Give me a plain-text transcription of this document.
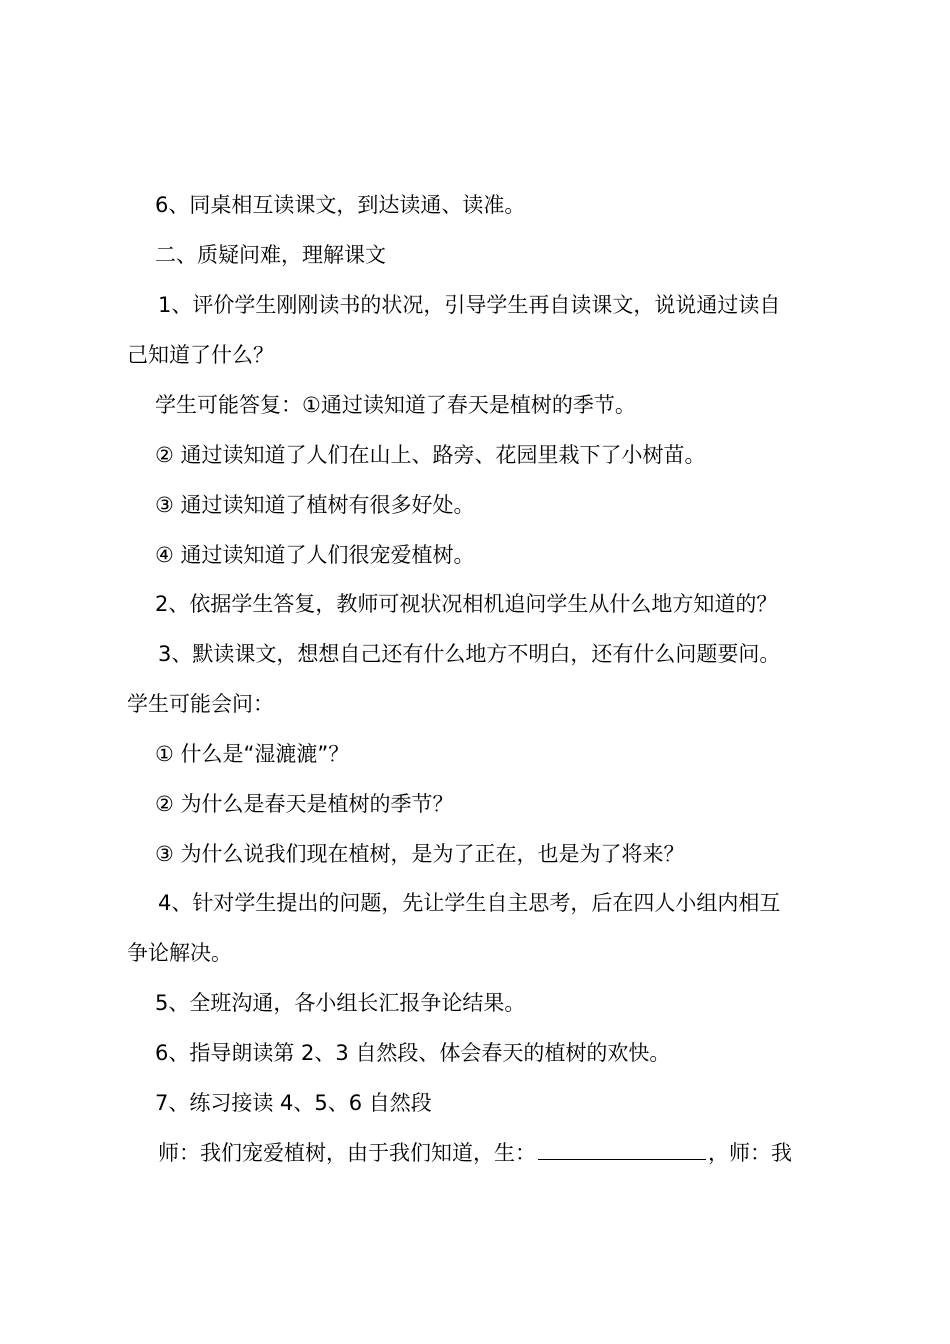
6、同桌相互读课文，到达读通、读准。
二、质疑问难，理解课文
1、评价学生刚刚读书的状况，引导学生再自读课文，说说通过读自
己知道了什么？
学生可能答复：①通过读知道了春天是植树的季节。
② 通过读知道了人们在山上、路旁、花园里栽下了小树苗。
③ 通过读知道了植树有很多好处。
④ 通过读知道了人们很宠爱植树。
2、依据学生答复，教师可视状况相机追问学生从什么地方知道的？
3、默读课文，想想自己还有什么地方不明白，还有什么问题要问。
学生可能会问：
① 什么是“湿漉漉”？
② 为什么是春天是植树的季节？
③ 为什么说我们现在植树，是为了正在，也是为了将来？
4、针对学生提出的问题，先让学生自主思考，后在四人小组内相互
争论解决。
5、全班沟通，各小组长汇报争论结果。
6、指导朗读第 2、3 自然段、体会春天的植树的欢快。
7、练习接读 4、5、6 自然段
师：我们宠爱植树，由于我们知道，生：	，师：我
